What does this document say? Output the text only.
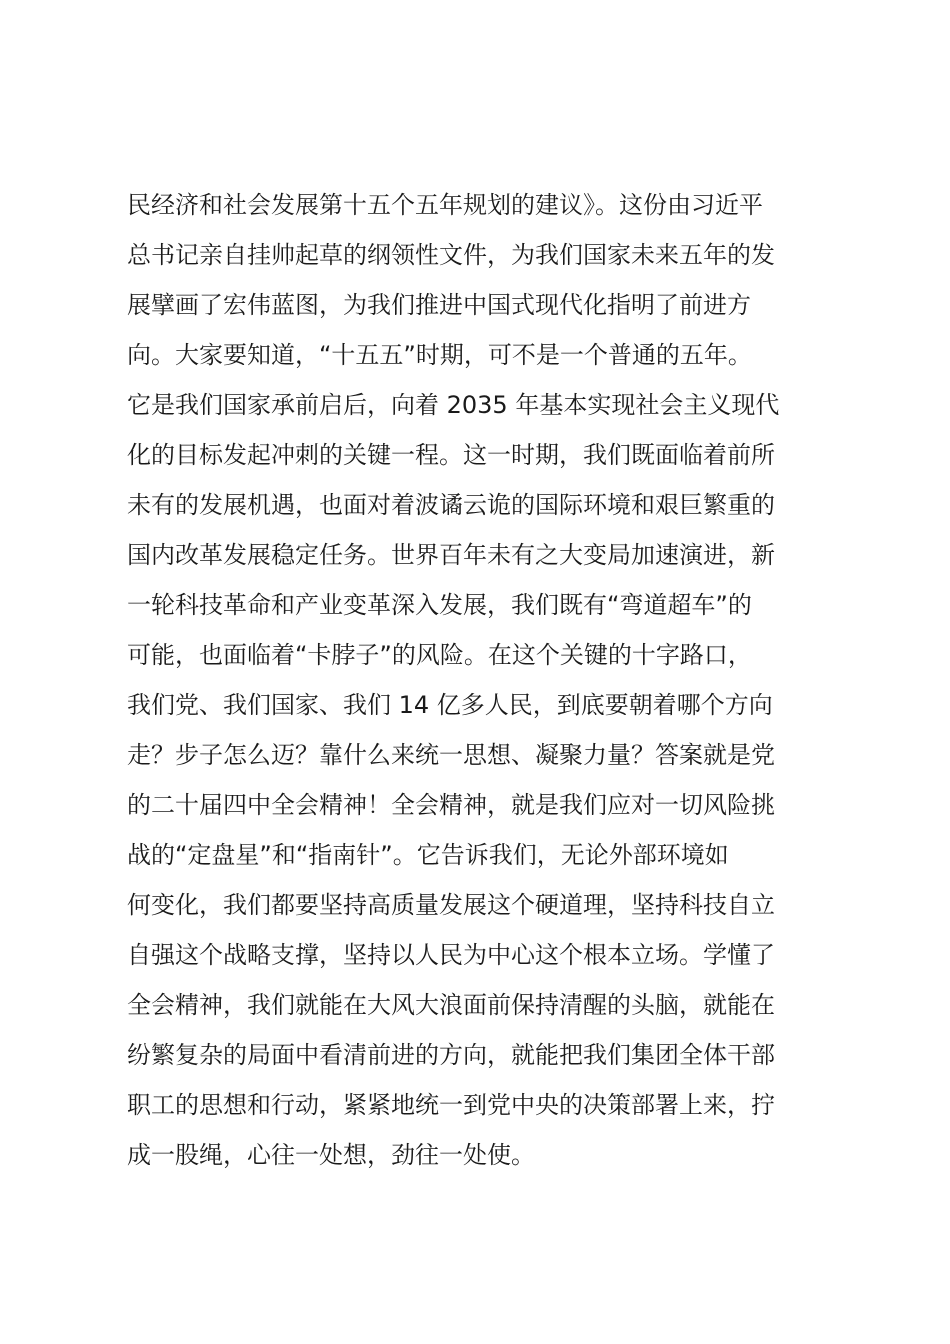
民经济和社会发展第十五个五年规划的建议》。这份由习近平

总书记亲自挂帅起草的纲领性文件，为我们国家未来五年的发

展擘画了宏伟蓝图，为我们推进中国式现代化指明了前进方

向。大家要知道，“十五五”时期，可不是一个普通的五年。

它是我们国家承前启后，向着 2035 年基本实现社会主义现代

化的目标发起冲刺的关键一程。这一时期，我们既面临着前所

未有的发展机遇，也面对着波谲云诡的国际环境和艰巨繁重的

国内改革发展稳定任务。世界百年未有之大变局加速演进，新

一轮科技革命和产业变革深入发展，我们既有“弯道超车”的

可能，也面临着“卡脖子”的风险。在这个关键的十字路口，

我们党、我们国家、我们 14 亿多人民，到底要朝着哪个方向

走？步子怎么迈？靠什么来统一思想、凝聚力量？答案就是党

的二十届四中全会精神！全会精神，就是我们应对一切风险挑

战的“定盘星”和“指南针”。它告诉我们，无论外部环境如

何变化，我们都要坚持高质量发展这个硬道理，坚持科技自立

自强这个战略支撑，坚持以人民为中心这个根本立场。学懂了

全会精神，我们就能在大风大浪面前保持清醒的头脑，就能在

纷繁复杂的局面中看清前进的方向，就能把我们集团全体干部

职工的思想和行动，紧紧地统一到党中央的决策部署上来，拧

成一股绳，心往一处想，劲往一处使。
